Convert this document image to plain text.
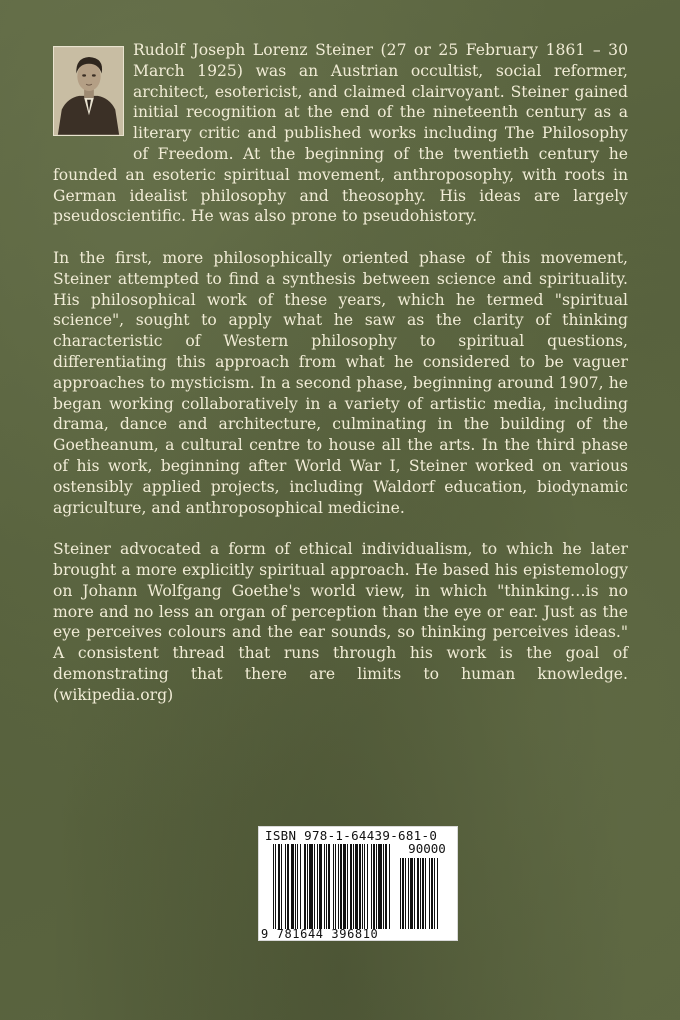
Rudolf Joseph Lorenz Steiner (27 or 25 February 1861 – 30 March 1925) was an Austrian occultist, social reformer, architect, esotericist, and claimed clairvoyant. Steiner gained initial recognition at the end of the nineteenth century as a literary critic and published works including The Philosophy of Freedom. At the beginning of the twentieth century he founded an esoteric spiritual movement, anthroposophy, with roots in German idealist philosophy and theosophy. His ideas are largely pseudoscientific. He was also prone to pseudohistory.

In the first, more philosophically oriented phase of this movement, Steiner attempted to find a synthesis between science and spirituality. His philosophical work of these years, which he termed "spiritual science", sought to apply what he saw as the clarity of thinking characteristic of Western philosophy to spiritual questions, differentiating this approach from what he considered to be vaguer approaches to mysticism. In a second phase, beginning around 1907, he began working collaboratively in a variety of artistic media, including drama, dance and architecture, culminating in the building of the Goetheanum, a cultural centre to house all the arts. In the third phase of his work, beginning after World War I, Steiner worked on various ostensibly applied projects, including Waldorf education, biodynamic agriculture, and anthroposophical medicine.

Steiner advocated a form of ethical individualism, to which he later brought a more explicitly spiritual approach. He based his epistemology on Johann Wolfgang Goethe's world view, in which "thinking…is no more and no less an organ of perception than the eye or ear. Just as the eye perceives colours and the ear sounds, so thinking perceives ideas." A consistent thread that runs through his work is the goal of demonstrating that there are limits to human knowledge. (wikipedia.org)

ISBN 978-1-64439-681-0
90000
9 781644 396810
